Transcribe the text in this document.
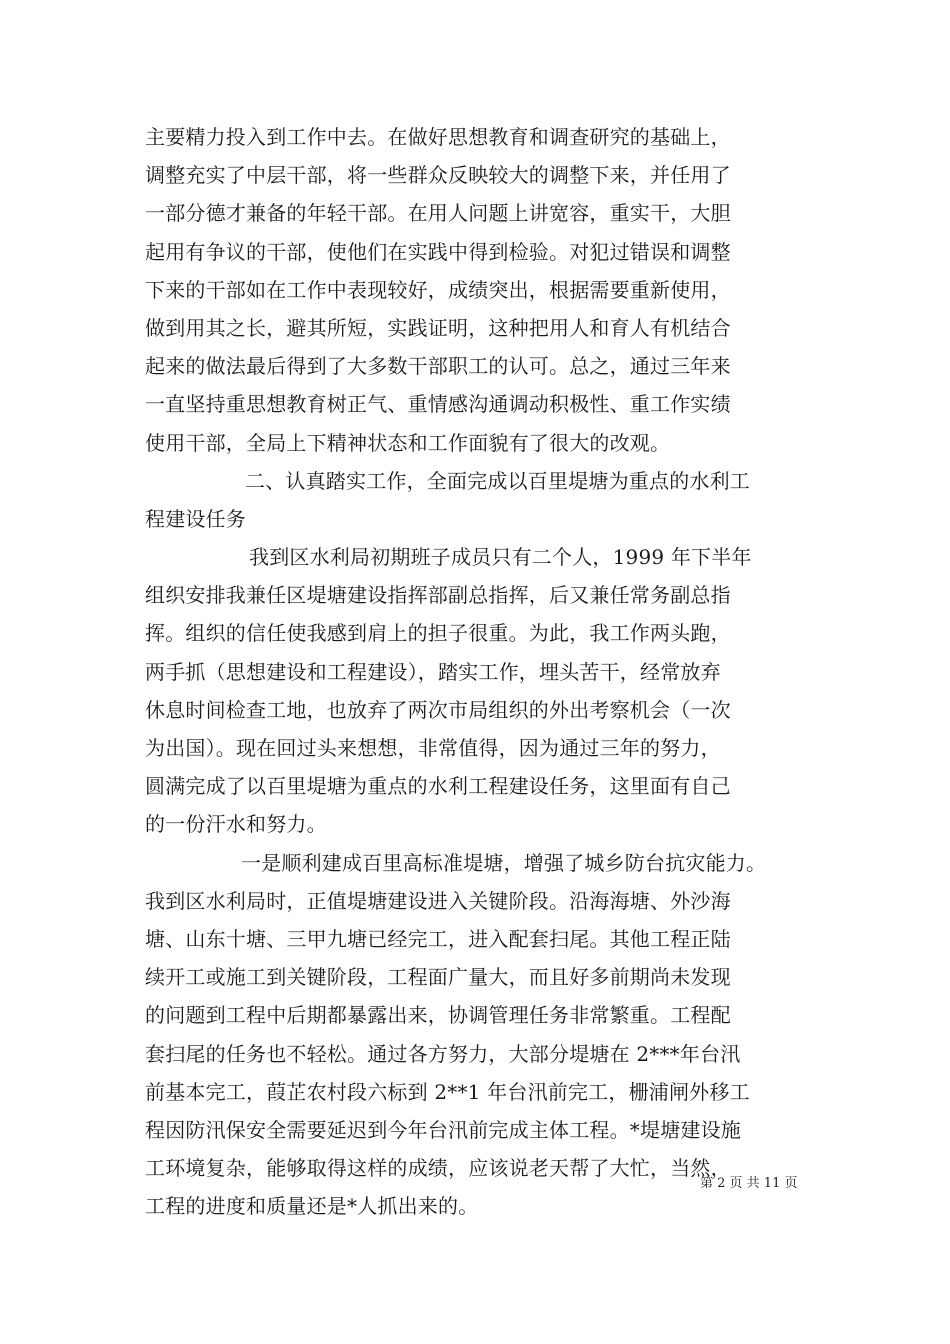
主要精力投入到工作中去。在做好思想教育和调查研究的基础上，
调整充实了中层干部，将一些群众反映较大的调整下来，并任用了
一部分德才兼备的年轻干部。在用人问题上讲宽容，重实干，大胆
起用有争议的干部，使他们在实践中得到检验。对犯过错误和调整
下来的干部如在工作中表现较好，成绩突出，根据需要重新使用，
做到用其之长，避其所短，实践证明，这种把用人和育人有机结合
起来的做法最后得到了大多数干部职工的认可。总之，通过三年来
一直坚持重思想教育树正气、重情感沟通调动积极性、重工作实绩
使用干部，全局上下精神状态和工作面貌有了很大的改观。
二、认真踏实工作，全面完成以百里堤塘为重点的水利工
程建设任务
我到区水利局初期班子成员只有二个人，1999 年下半年
组织安排我兼任区堤塘建设指挥部副总指挥，后又兼任常务副总指
挥。组织的信任使我感到肩上的担子很重。为此，我工作两头跑，
两手抓（思想建设和工程建设），踏实工作，埋头苦干，经常放弃
休息时间检查工地，也放弃了两次市局组织的外出考察机会（一次
为出国）。现在回过头来想想，非常值得，因为通过三年的努力，
圆满完成了以百里堤塘为重点的水利工程建设任务，这里面有自己
的一份汗水和努力。
一是顺利建成百里高标准堤塘，增强了城乡防台抗灾能力。
我到区水利局时，正值堤塘建设进入关键阶段。沿海海塘、外沙海
塘、山东十塘、三甲九塘已经完工，进入配套扫尾。其他工程正陆
续开工或施工到关键阶段，工程面广量大，而且好多前期尚未发现
的问题到工程中后期都暴露出来，协调管理任务非常繁重。工程配
套扫尾的任务也不轻松。通过各方努力，大部分堤塘在 2***年台汛
前基本完工，葭芷农村段六标到 2**1 年台汛前完工，栅浦闸外移工
程因防汛保安全需要延迟到今年台汛前完成主体工程。*堤塘建设施
工环境复杂，能够取得这样的成绩，应该说老天帮了大忙，当然，
工程的进度和质量还是*人抓出来的。
第 2 页 共 11 页
